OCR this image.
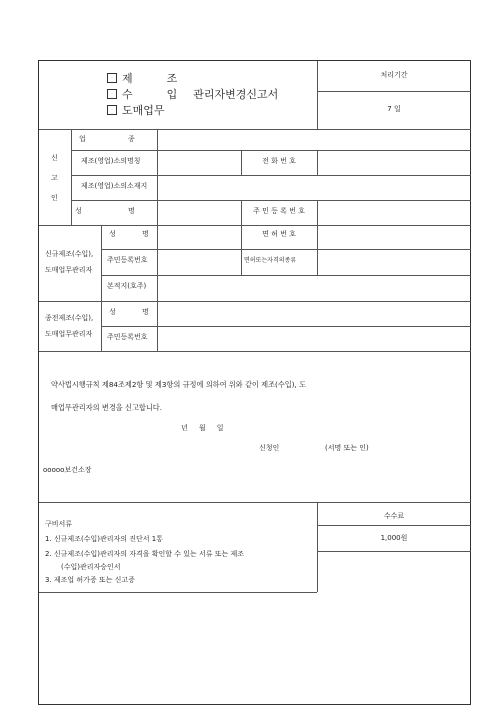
제	조
수	입 관리자변경신고서
도매업무
처리기간
7 일
신
고
인
업 종
제조(영업)소의명칭	전 화 번 호
제조(영업)소의소재지
성 명	주 민 등 록 번 호
신규제조(수입),
도매업무관리자
성 명	면 허 번 호
주민등록번호	면허또는자격의종류
본적지(호주)
종전제조(수입),
도매업무관리자
성 명
주민등록번호
약사법시행규칙 제84조제2항 및 제3항의 규정에 의하여 위와 같이 제조(수입), 도
매업무관리자의 변경을 신고합니다.
년     월     일
신청인	(서명 또는 인)
ooooo보건소장
수수료
1,000원
구비서류
1. 신규제조(수입)관리자의 진단서 1통
2. 신규제조(수입)관리자의 자격을 확인할 수 있는 서류 또는 제조
(수입)관리자승인서
3. 제조업 허가증 또는 신고증
